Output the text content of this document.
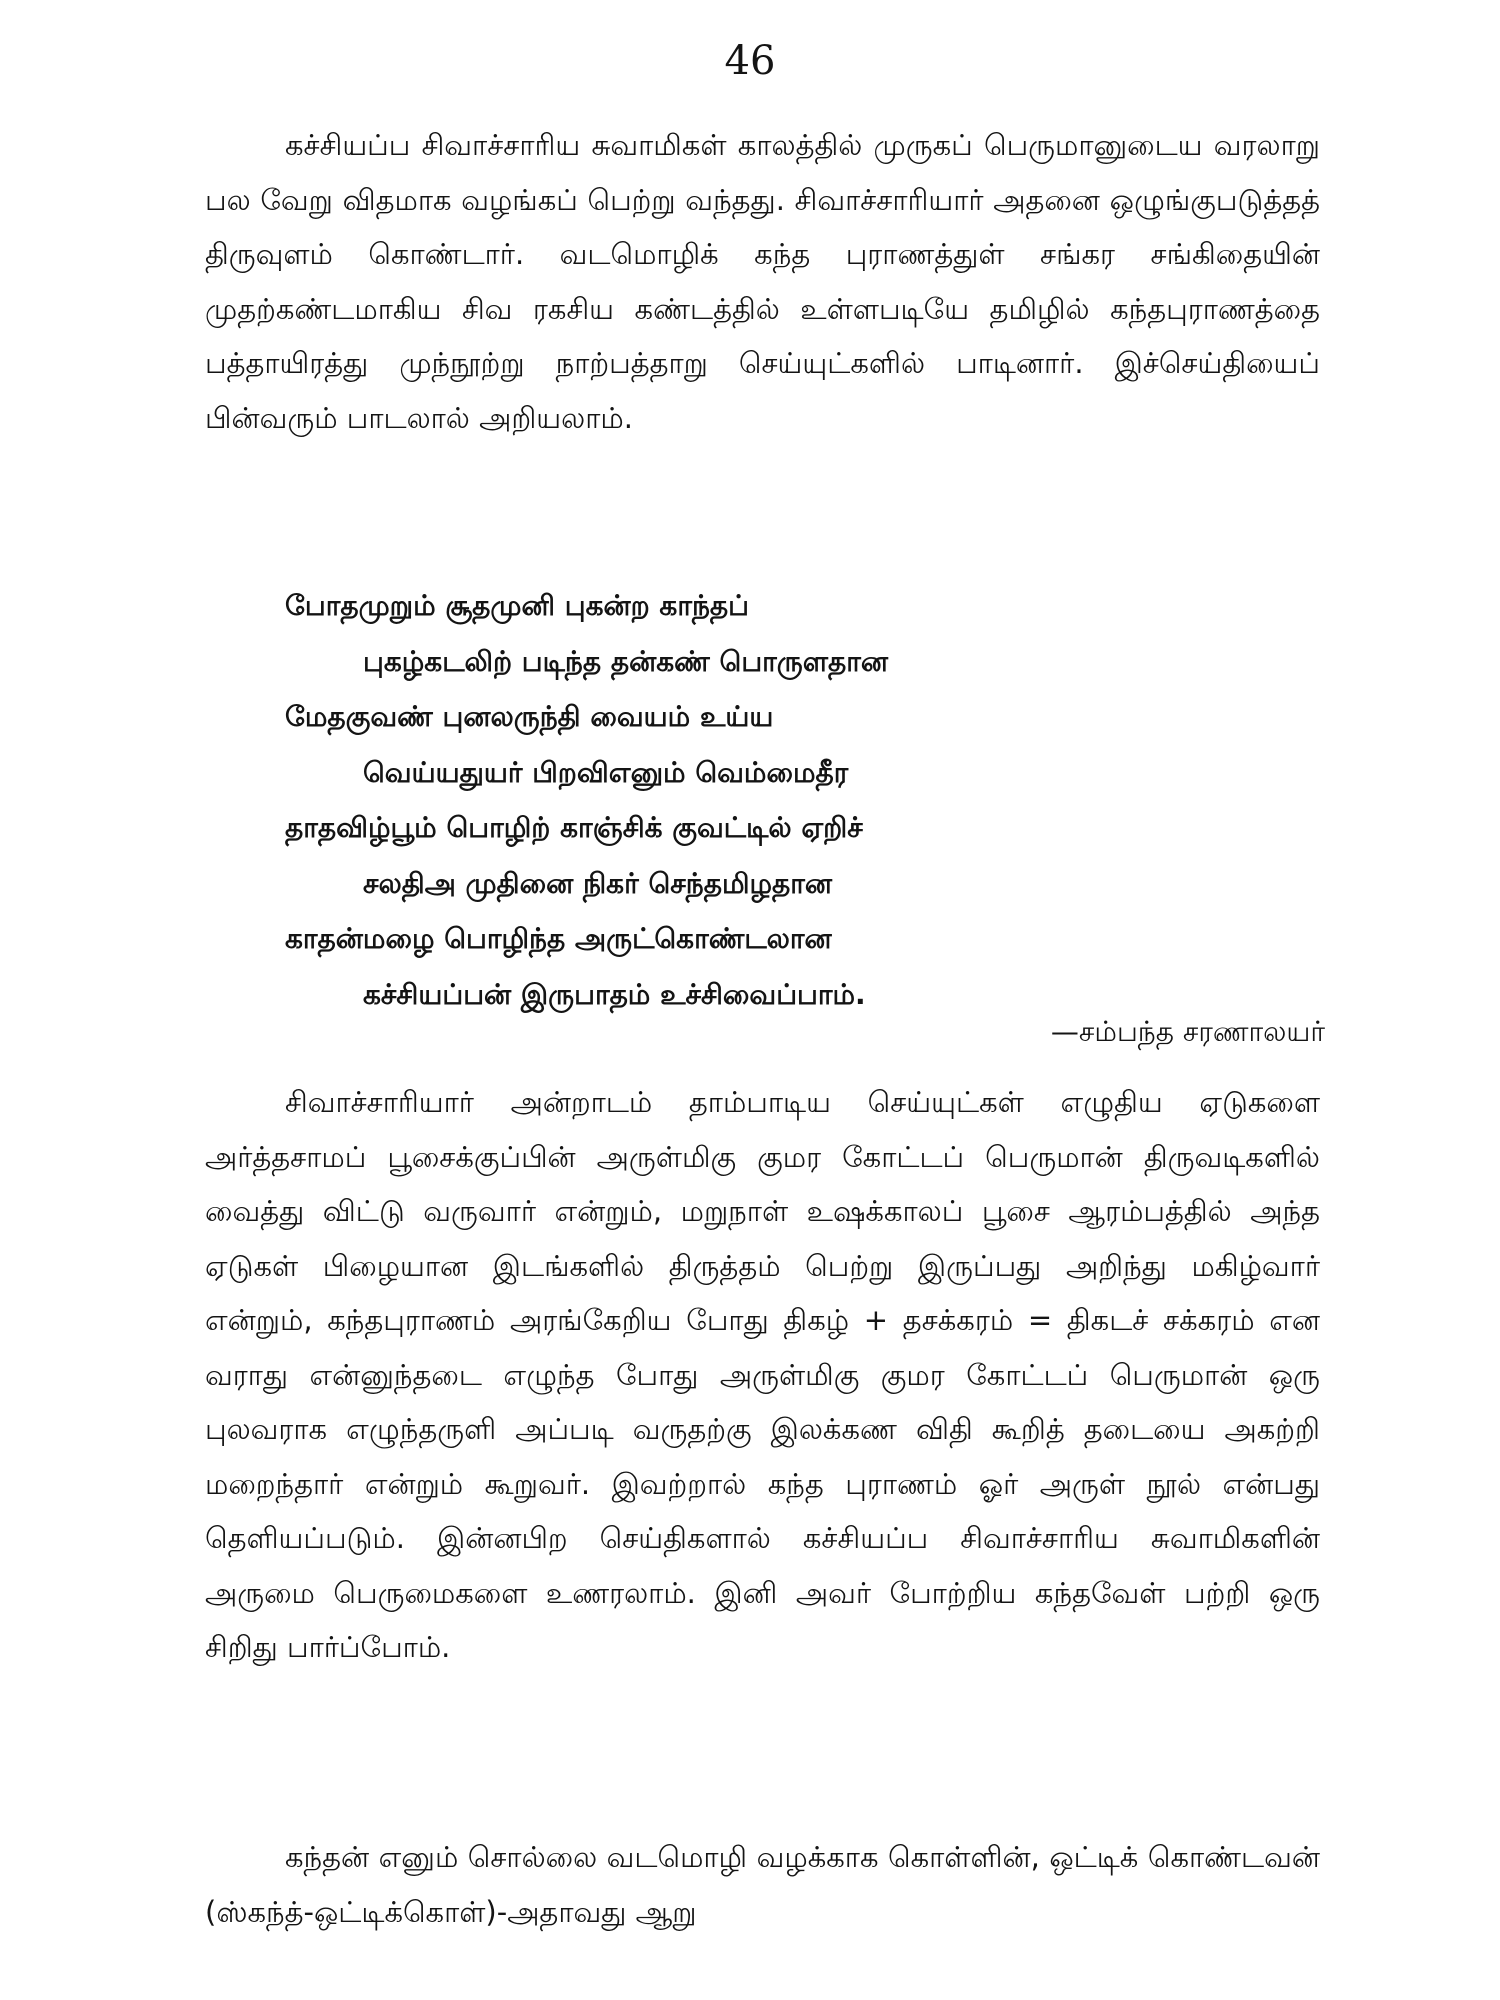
46
கச்சியப்ப சிவாச்சாரிய சுவாமிகள் காலத்தில் முருகப் பெருமானுடைய வரலாறு பல வேறு விதமாக வழங்கப் பெற்று வந்தது. சிவாச்சாரியார் அதனை ஒழுங்குபடுத்தத் திருவுளம் கொண்டார். வடமொழிக் கந்த புராணத்துள் சங்கர சங்கிதையின் முதற்கண்டமாகிய சிவ ரகசிய கண்டத்தில் உள்ளபடியே தமிழில் கந்தபுராணத்தை பத்தாயிரத்து முந்நூற்று நாற்பத்தாறு செய்யுட்களில் பாடினார். இச்செய்தியைப் பின்வரும் பாடலால் அறியலாம்.
போதமுறும் சூதமுனி புகன்ற காந்தப்
புகழ்கடலிற் படிந்த தன்கண் பொருளதான
மேதகுவண் புனலருந்தி வையம் உய்ய
வெய்யதுயர் பிறவிஎனும் வெம்மைதீர
தாதவிழ்பூம் பொழிற் காஞ்சிக் குவட்டில் ஏறிச்
சலதிஅ முதினை நிகர் செந்தமிழதான
காதன்மழை பொழிந்த அருட்கொண்டலான
கச்சியப்பன் இருபாதம் உச்சிவைப்பாம்.
—சம்பந்த சரணாலயர்
சிவாச்சாரியார் அன்றாடம் தாம்பாடிய செய்யுட்கள் எழுதிய ஏடுகளை அர்த்தசாமப் பூசைக்குப்பின் அருள்மிகு குமர கோட்டப் பெருமான் திருவடிகளில் வைத்து விட்டு வருவார் என்றும், மறுநாள் உஷக்காலப் பூசை ஆரம்பத்தில் அந்த ஏடுகள் பிழையான இடங்களில் திருத்தம் பெற்று இருப்பது அறிந்து மகிழ்வார் என்றும், கந்தபுராணம் அரங்கேறிய போது திகழ் + தசக்கரம் = திகடச் சக்கரம் என வராது என்னுந்தடை எழுந்த போது அருள்மிகு குமர கோட்டப் பெருமான் ஒரு புலவராக எழுந்தருளி அப்படி வருதற்கு இலக்கண விதி கூறித் தடையை அகற்றி மறைந்தார் என்றும் கூறுவர். இவற்றால் கந்த புராணம் ஓர் அருள் நூல் என்பது தெளியப்படும். இன்னபிற செய்திகளால் கச்சியப்ப சிவாச்சாரிய சுவாமிகளின் அருமை பெருமைகளை உணரலாம். இனி அவர் போற்றிய கந்தவேள் பற்றி ஒரு சிறிது பார்ப்போம்.
கந்தன் எனும் சொல்லை வடமொழி வழக்காக கொள்ளின், ஒட்டிக் கொண்டவன் (ஸ்கந்த்-ஒட்டிக்கொள்)-அதாவது ஆறு
